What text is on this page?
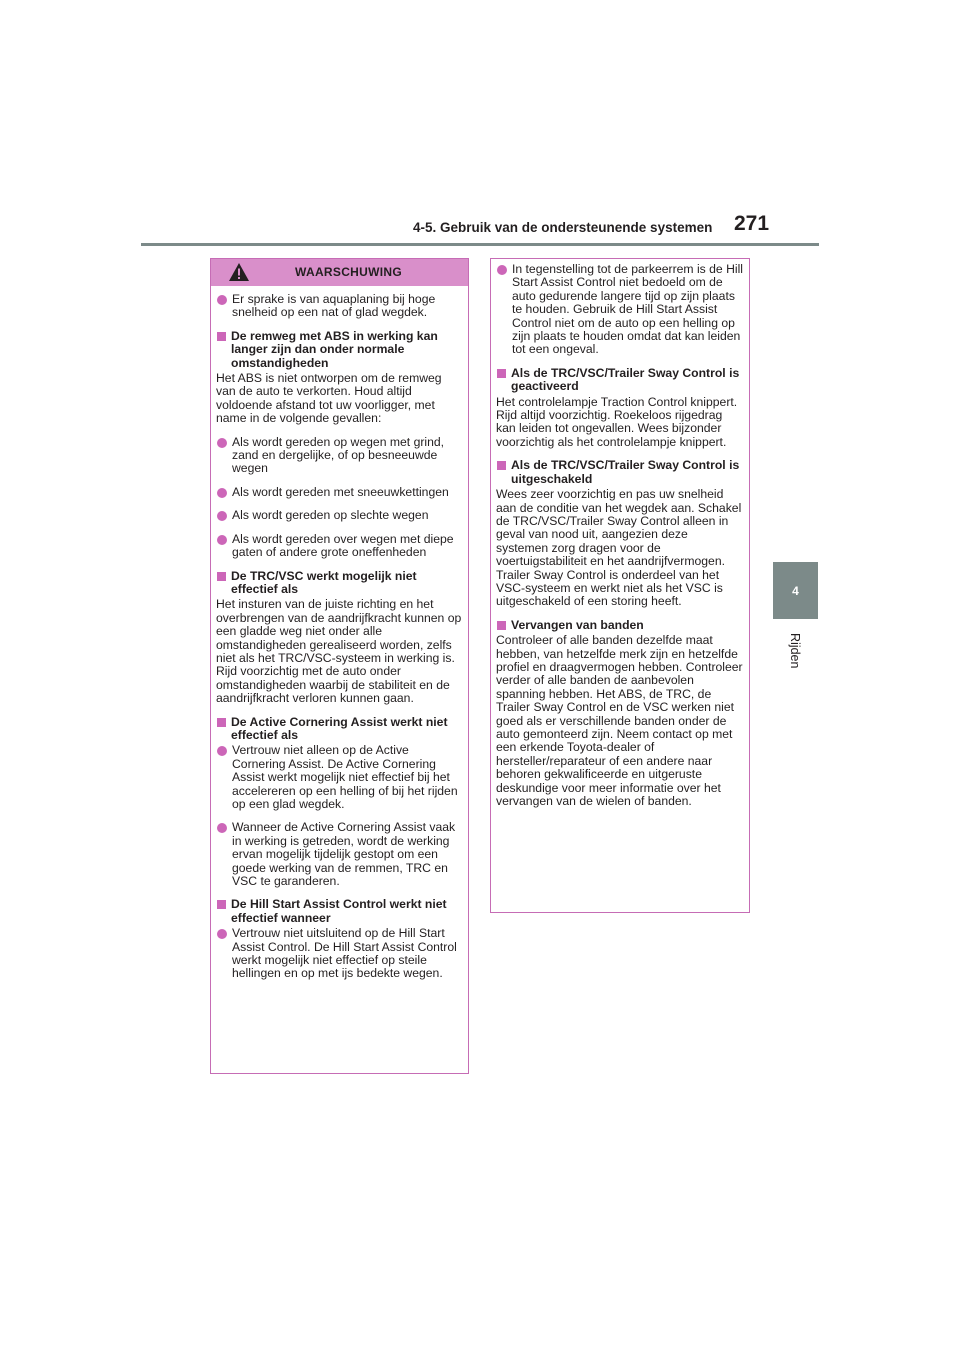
4-5. Gebruik van de ondersteunende systemen 271
4
Rijden
WAARSCHUWING
Er sprake is van aquaplaning bij hoge snelheid op een nat of glad wegdek.
De remweg met ABS in werking kan langer zijn dan onder normale omstandigheden
Het ABS is niet ontworpen om de remweg van de auto te verkorten. Houd altijd voldoende afstand tot uw voorligger, met name in de volgende gevallen:
Als wordt gereden op wegen met grind, zand en dergelijke, of op besneeuwde wegen
Als wordt gereden met sneeuwkettingen
Als wordt gereden op slechte wegen
Als wordt gereden over wegen met diepe gaten of andere grote oneffenheden
De TRC/VSC werkt mogelijk niet effectief als
Het insturen van de juiste richting en het overbrengen van de aandrijfkracht kunnen op een gladde weg niet onder alle omstandigheden gerealiseerd worden, zelfs niet als het TRC/VSC-systeem in werking is. Rijd voorzichtig met de auto onder omstandigheden waarbij de stabiliteit en de aandrijfkracht verloren kunnen gaan.
De Active Cornering Assist werkt niet effectief als
Vertrouw niet alleen op de Active Cornering Assist. De Active Cornering Assist werkt mogelijk niet effectief bij het accelereren op een helling of bij het rijden op een glad wegdek.
Wanneer de Active Cornering Assist vaak in werking is getreden, wordt de werking ervan mogelijk tijdelijk gestopt om een goede werking van de remmen, TRC en VSC te garanderen.
De Hill Start Assist Control werkt niet effectief wanneer
Vertrouw niet uitsluitend op de Hill Start Assist Control. De Hill Start Assist Control werkt mogelijk niet effectief op steile hellingen en op met ijs bedekte wegen.
In tegenstelling tot de parkeerrem is de Hill Start Assist Control niet bedoeld om de auto gedurende langere tijd op zijn plaats te houden. Gebruik de Hill Start Assist Control niet om de auto op een helling op zijn plaats te houden omdat dat kan leiden tot een ongeval.
Als de TRC/VSC/Trailer Sway Control is geactiveerd
Het controlelampje Traction Control knippert. Rijd altijd voorzichtig. Roekeloos rijgedrag kan leiden tot ongevallen. Wees bijzonder voorzichtig als het controlelampje knippert.
Als de TRC/VSC/Trailer Sway Control is uitgeschakeld
Wees zeer voorzichtig en pas uw snelheid aan de conditie van het wegdek aan. Schakel de TRC/VSC/Trailer Sway Control alleen in geval van nood uit, aangezien deze systemen zorg dragen voor de voertuigstabiliteit en het aandrijfvermogen. Trailer Sway Control is onderdeel van het VSC-systeem en werkt niet als het VSC is uitgeschakeld of een storing heeft.
Vervangen van banden
Controleer of alle banden dezelfde maat hebben, van hetzelfde merk zijn en hetzelfde profiel en draagvermogen hebben. Controleer verder of alle banden de aanbevolen spanning hebben. Het ABS, de TRC, de Trailer Sway Control en de VSC werken niet goed als er verschillende banden onder de auto gemonteerd zijn. Neem contact op met een erkende Toyota-dealer of hersteller/reparateur of een andere naar behoren gekwalificeerde en uitgeruste deskundige voor meer informatie over het vervangen van de wielen of banden.
